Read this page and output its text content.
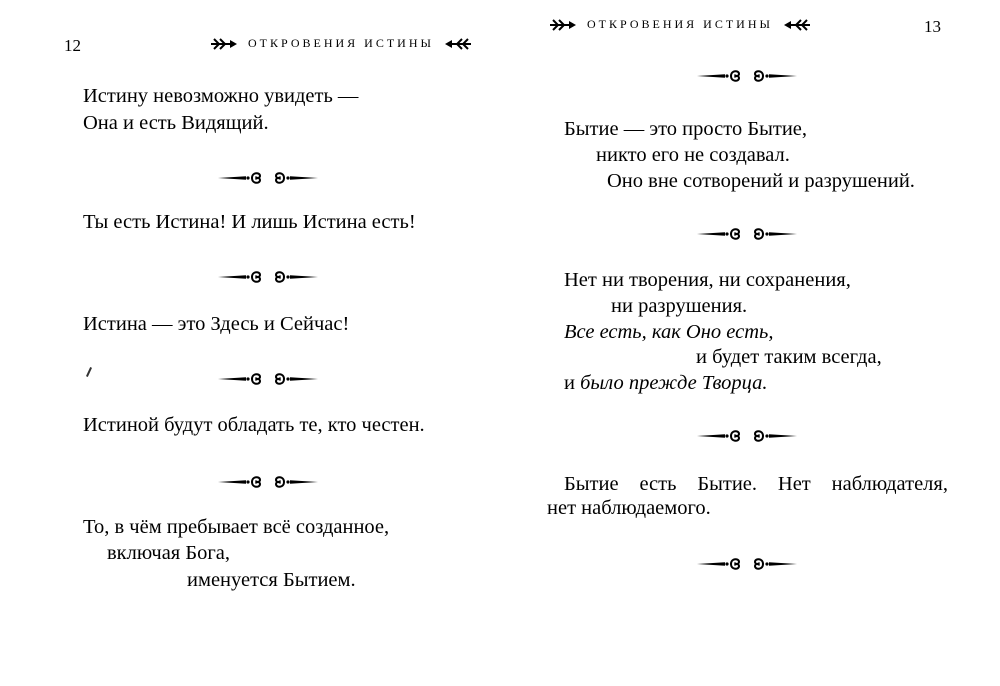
12	ОТКРОВЕНИЯ ИСТИНЫ
Истину невозможно увидеть —
Она и есть Видящий.
Ты есть Истина! И лишь Истина есть!
Истина — это Здесь и Сейчас!
Истиной будут обладать те, кто честен.
То, в чём пребывает всё созданное,
включая Бога,
именуется Бытием.
ОТКРОВЕНИЯ ИСТИНЫ	13
Бытие — это просто Бытие,
никто его не создавал.
Оно вне сотворений и разрушений.
Нет ни творения, ни сохранения,
ни разрушения.
Все есть, как Оно есть,
и будет таким всегда,
и было прежде Творца.
Бытие есть Бытие. Нет наблюдателя,
нет наблюдаемого.
